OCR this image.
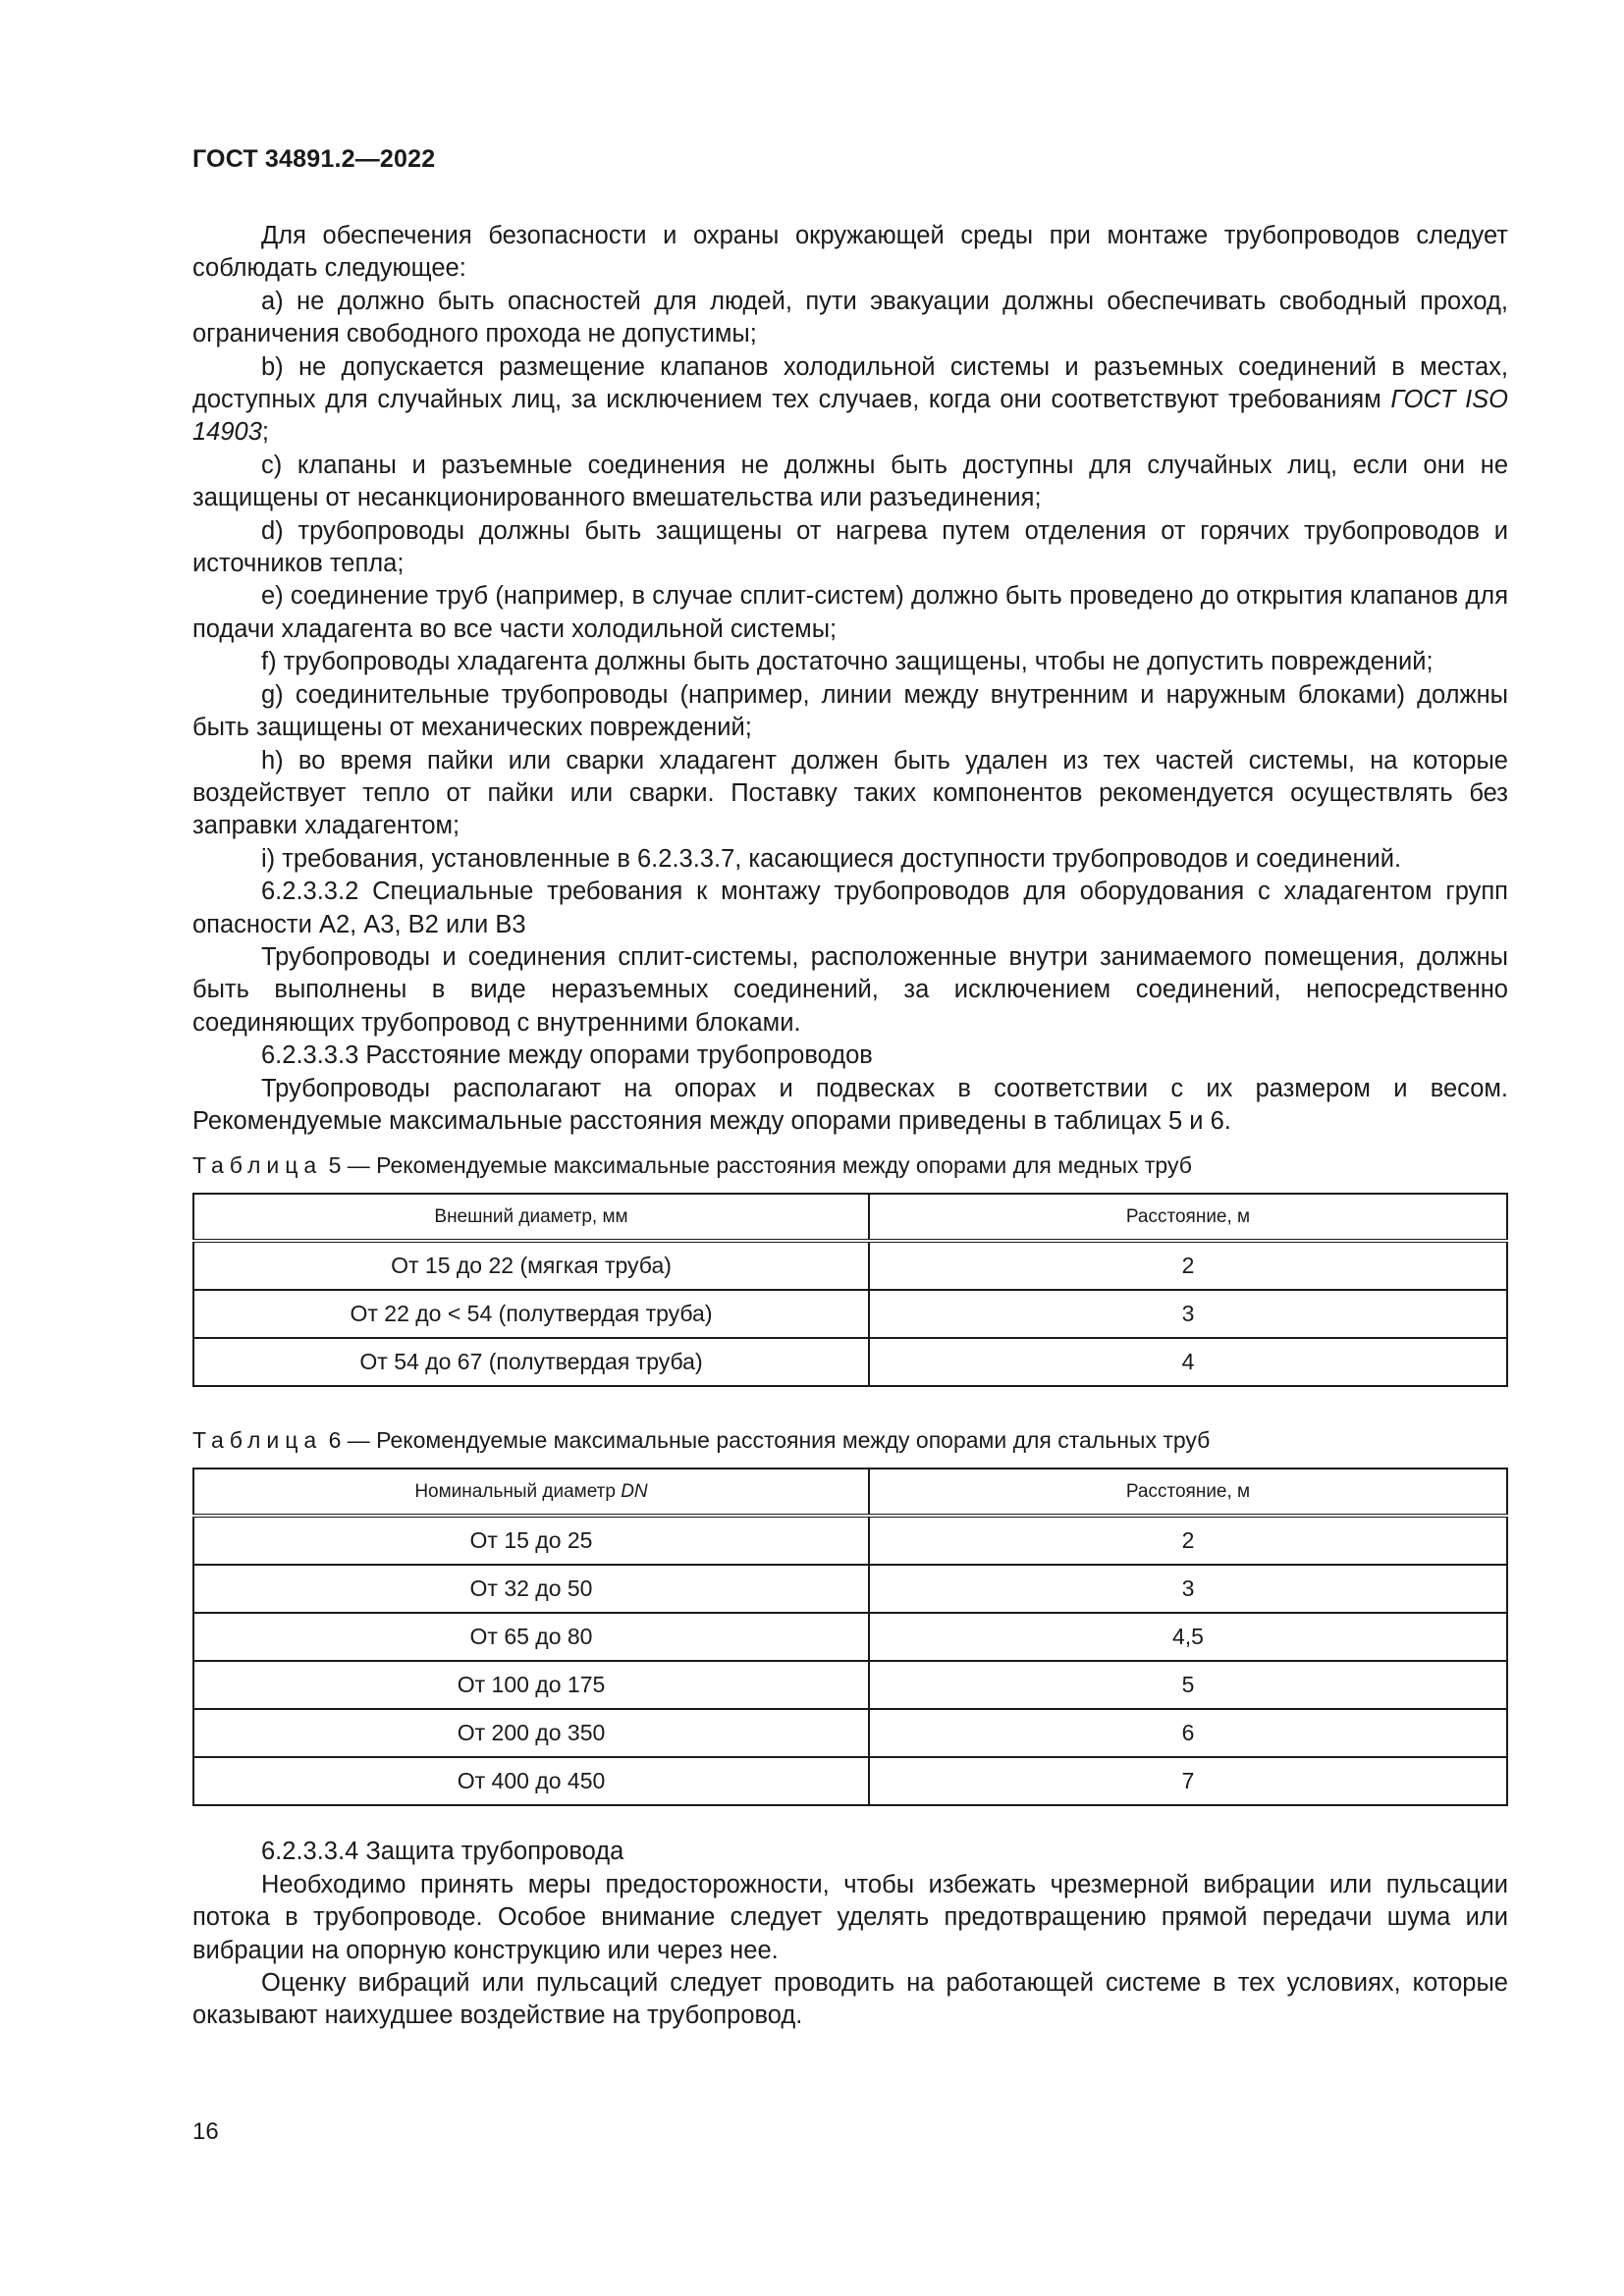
ГОСТ 34891.2—2022

Для обеспечения безопасности и охраны окружающей среды при монтаже трубопроводов следует соблюдать следующее:

a) не должно быть опасностей для людей, пути эвакуации должны обеспечивать свободный проход, ограничения свободного прохода не допустимы;

b) не допускается размещение клапанов холодильной системы и разъемных соединений в местах, доступных для случайных лиц, за исключением тех случаев, когда они соответствуют требованиям ГОСТ ISO 14903;

c) клапаны и разъемные соединения не должны быть доступны для случайных лиц, если они не защищены от несанкционированного вмешательства или разъединения;

d) трубопроводы должны быть защищены от нагрева путем отделения от горячих трубопроводов и источников тепла;

e) соединение труб (например, в случае сплит-систем) должно быть проведено до открытия клапанов для подачи хладагента во все части холодильной системы;

f) трубопроводы хладагента должны быть достаточно защищены, чтобы не допустить повреждений;

g) соединительные трубопроводы (например, линии между внутренним и наружным блоками) должны быть защищены от механических повреждений;

h) во время пайки или сварки хладагент должен быть удален из тех частей системы, на которые воздействует тепло от пайки или сварки. Поставку таких компонентов рекомендуется осуществлять без заправки хладагентом;

i) требования, установленные в 6.2.3.3.7, касающиеся доступности трубопроводов и соединений.

6.2.3.3.2 Специальные требования к монтажу трубопроводов для оборудования с хладагентом групп опасности А2, А3, В2 или В3

Трубопроводы и соединения сплит-системы, расположенные внутри занимаемого помещения, должны быть выполнены в виде неразъемных соединений, за исключением соединений, непосредственно соединяющих трубопровод с внутренними блоками.

6.2.3.3.3 Расстояние между опорами трубопроводов

Трубопроводы располагают на опорах и подвесках в соответствии с их размером и весом. Рекомендуемые максимальные расстояния между опорами приведены в таблицах 5 и 6.

Таблица 5 — Рекомендуемые максимальные расстояния между опорами для медных труб
Внешний диаметр, мм	Расстояние, м
От 15 до 22 (мягкая труба)	2
От 22 до < 54 (полутвердая труба)	3
От 54 до 67 (полутвердая труба)	4
Таблица 6 — Рекомендуемые максимальные расстояния между опорами для стальных труб
Номинальный диаметр DN	Расстояние, м
От 15 до 25	2
От 32 до 50	3
От 65 до 80	4,5
От 100 до 175	5
От 200 до 350	6
От 400 до 450	7

6.2.3.3.4 Защита трубопровода

Необходимо принять меры предосторожности, чтобы избежать чрезмерной вибрации или пульсации потока в трубопроводе. Особое внимание следует уделять предотвращению прямой передачи шума или вибрации на опорную конструкцию или через нее.

Оценку вибраций или пульсаций следует проводить на работающей системе в тех условиях, которые оказывают наихудшее воздействие на трубопровод.

16
